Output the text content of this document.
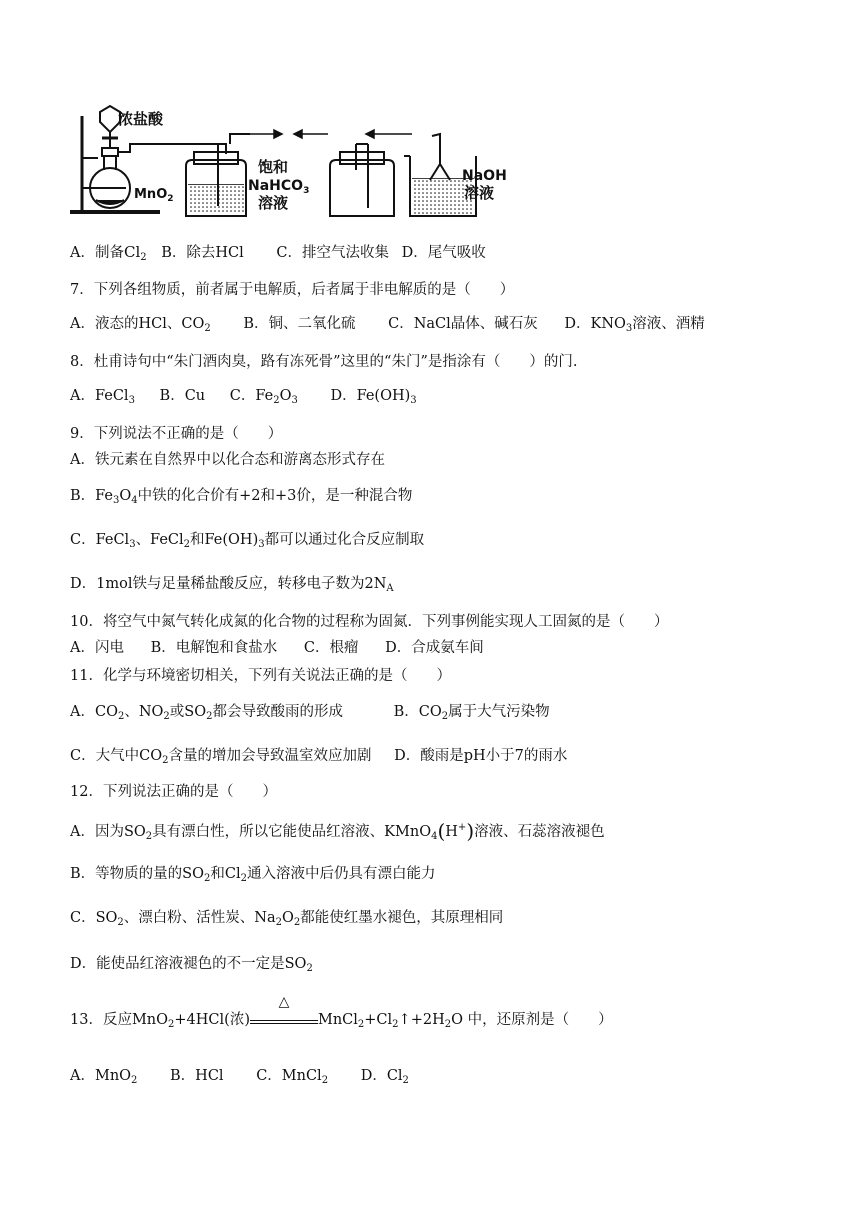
浓盐酸
MnO$_2$
饱和
NaHCO$_3$
溶液
NaOH
溶液
A．制备$Cl_2$ B．除去HCl C．排空气法收集 D．尾气吸收
7．下列各组物质，前者属于电解质，后者属于非电解质的是（　　）
A．液态的HCl、$CO_2$ B．铜、二氧化硫 C．NaCl晶体、碱石灰 D．$KNO_3$溶液、酒精
8．杜甫诗句中“朱门酒肉臭，路有冻死骨”这里的“朱门”是指涂有（　　）的门.
A．FeCl$_3$ B．Cu C．$Fe_2O_3$ D．$Fe(OH)_3$
9．下列说法不正确的是（　　）
A．铁元素在自然界中以化合态和游离态形式存在
B．$Fe_3O_4$中铁的化合价有+2和+3价，是一种混合物
C．FeCl$_3$、FeCl$_2$和$Fe(OH)_3$都可以通过化合反应制取
D．1mol铁与足量稀盐酸反应，转移电子数为$2N_A$
10．将空气中氮气转化成氮的化合物的过程称为固氮．下列事例能实现人工固氮的是（　　）
A．闪电 B．电解饱和食盐水 C．根瘤 D．合成氨车间
11．化学与环境密切相关，下列有关说法正确的是（　　）
A．$CO_2$、$NO_2$或$SO_2$都会导致酸雨的形成	B．$CO_2$属于大气污染物
C．大气中$CO_2$含量的增加会导致温室效应加剧 D．酸雨是pH小于7的雨水
12．下列说法正确的是（　　）
A．因为$SO_2$具有漂白性，所以它能使品红溶液、KMnO$_4$(H+)溶液、石蕊溶液褪色
B．等物质的量的$SO_2$和$Cl_2$通入溶液中后仍具有漂白能力
C．$SO_2$、漂白粉、活性炭、$Na_2O_2$都能使红墨水褪色，其原理相同
D．能使品红溶液褪色的不一定是$SO_2$
13．反应MnO$_2$+4HCl(浓)
△
$MnCl_2+Cl_2↑+2H_2O$ 中，还原剂是（　　）
A．MnO$_2$ B．HCl C．MnCl$_2$ D．$Cl_2$
